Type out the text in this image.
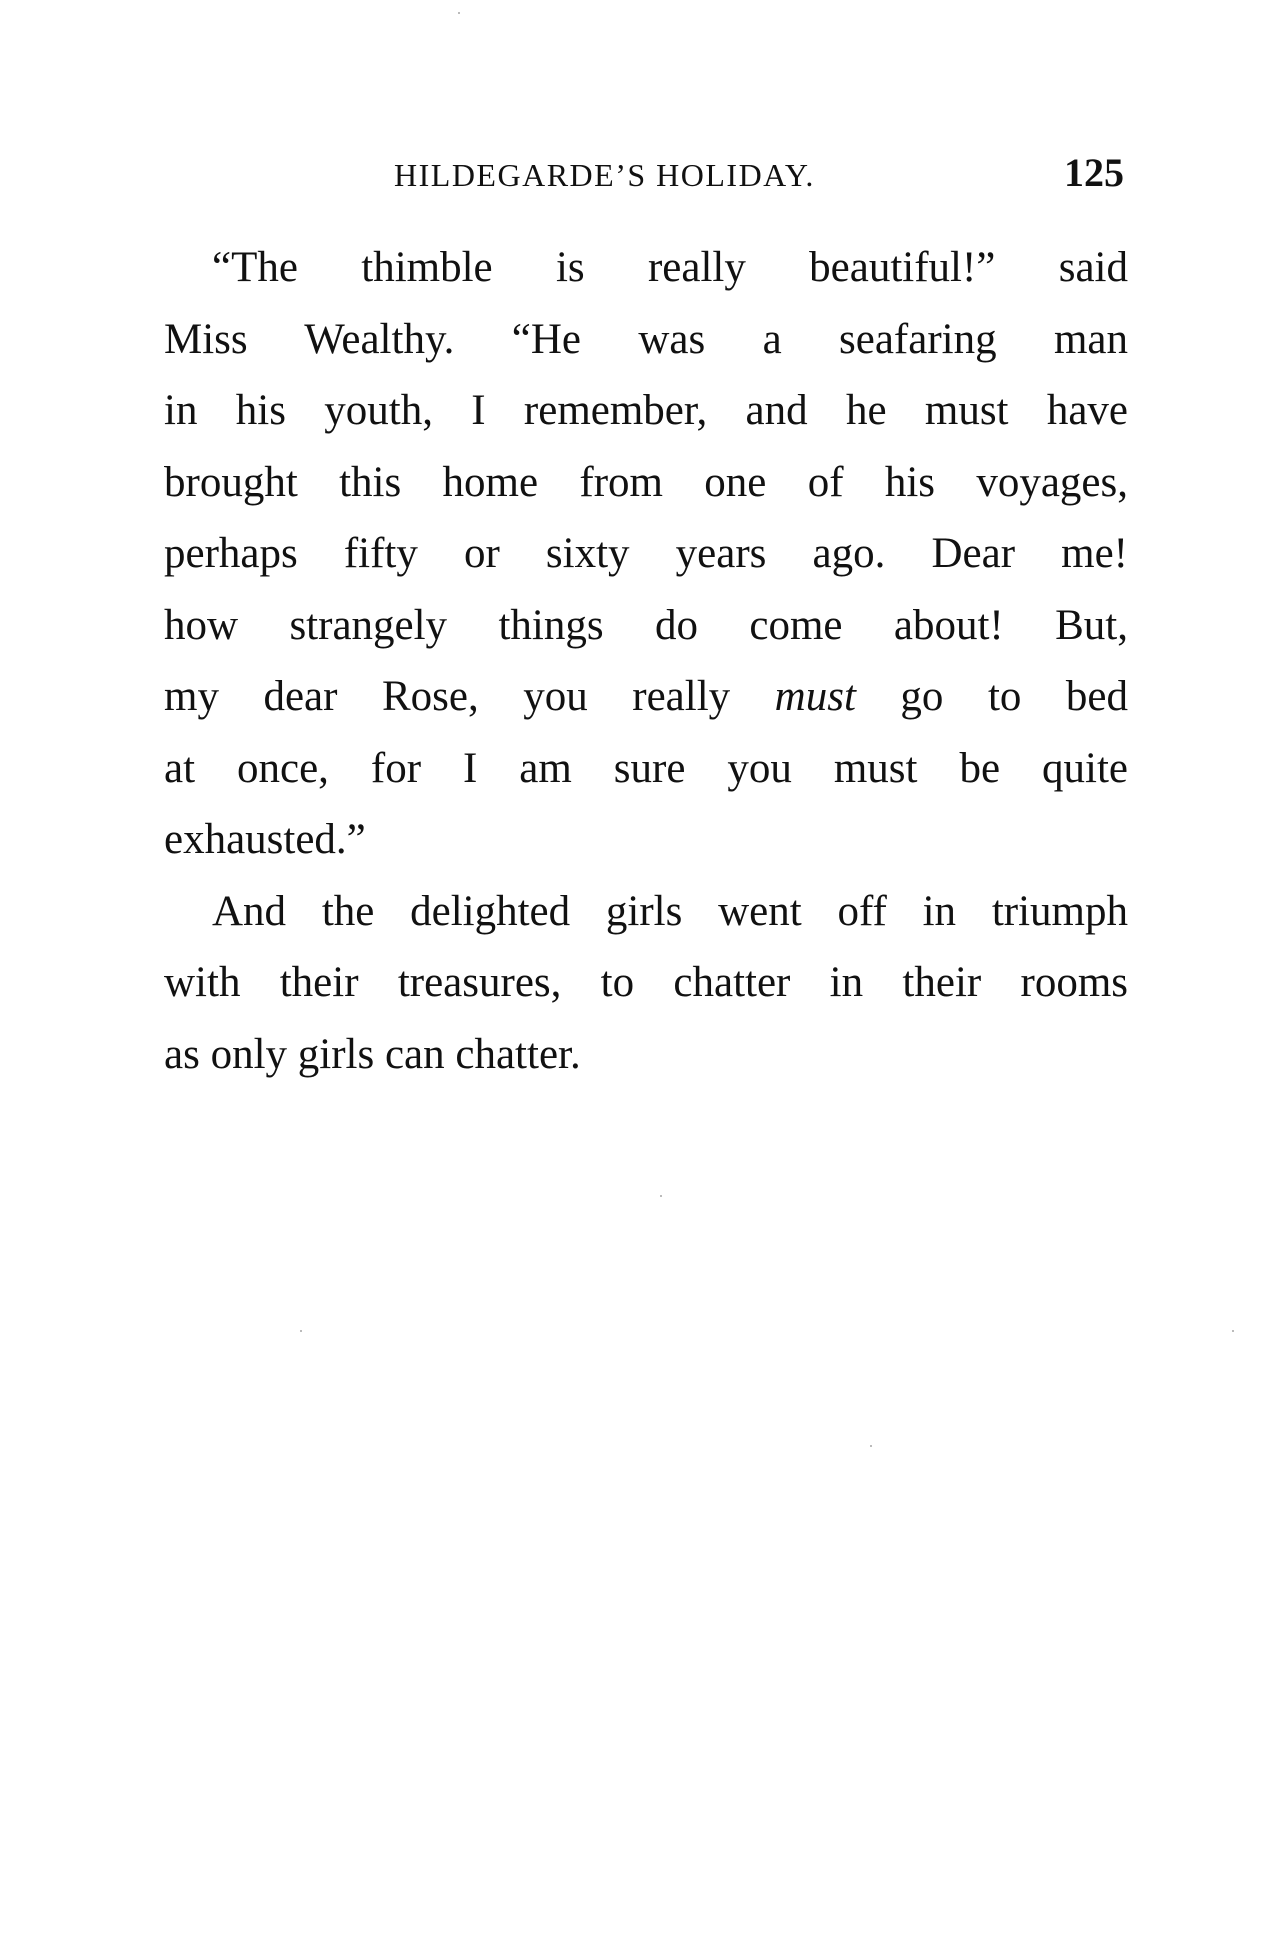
HILDEGARDE’S HOLIDAY.	125
“The thimble is really beautiful!” said
Miss Wealthy. “He was a seafaring man
in his youth, I remember, and he must have
brought this home from one of his voyages,
perhaps fifty or sixty years ago. Dear me!
how strangely things do come about! But,
my dear Rose, you really must go to bed
at once, for I am sure you must be quite
exhausted.”
And the delighted girls went off in triumph
with their treasures, to chatter in their rooms
as only girls can chatter.
